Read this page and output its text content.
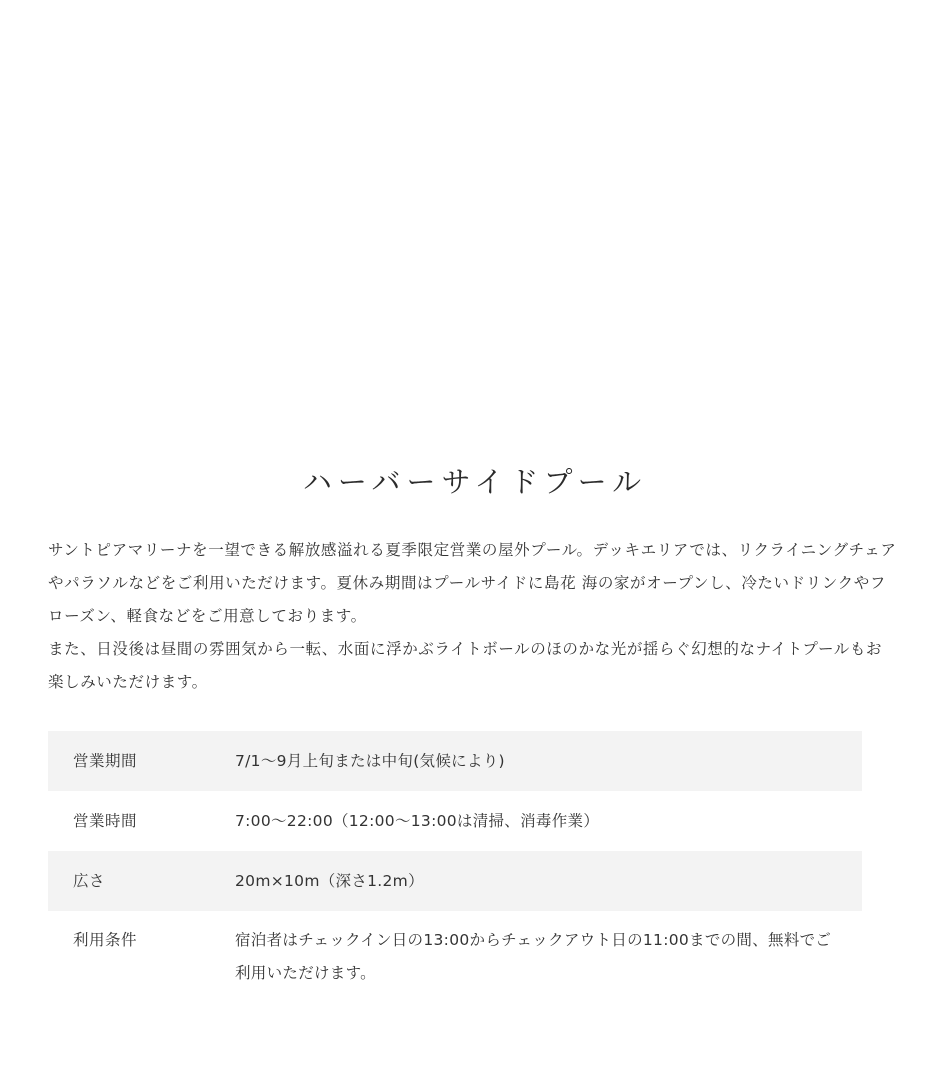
ハーバーサイドプール

サントピアマリーナを一望できる解放感溢れる夏季限定営業の屋外プール。デッキエリアでは、リクライニングチェアやパラソルなどをご利用いただけます。夏休み期間はプールサイドに島花 海の家がオープンし、冷たいドリンクやフローズン、軽食などをご用意しております。

また、日没後は昼間の雰囲気から一転、水面に浮かぶライトボールのほのかな光が揺らぐ幻想的なナイトプールもお楽しみいただけます。

営業期間	7/1～9月上旬または中旬(気候により)
営業時間	7:00～22:00（12:00～13:00は清掃、消毒作業）
広さ	20m×10m（深さ1.2m）
利用条件	宿泊者はチェックイン日の13:00からチェックアウト日の11:00までの間、無料でご利用いただけます。
